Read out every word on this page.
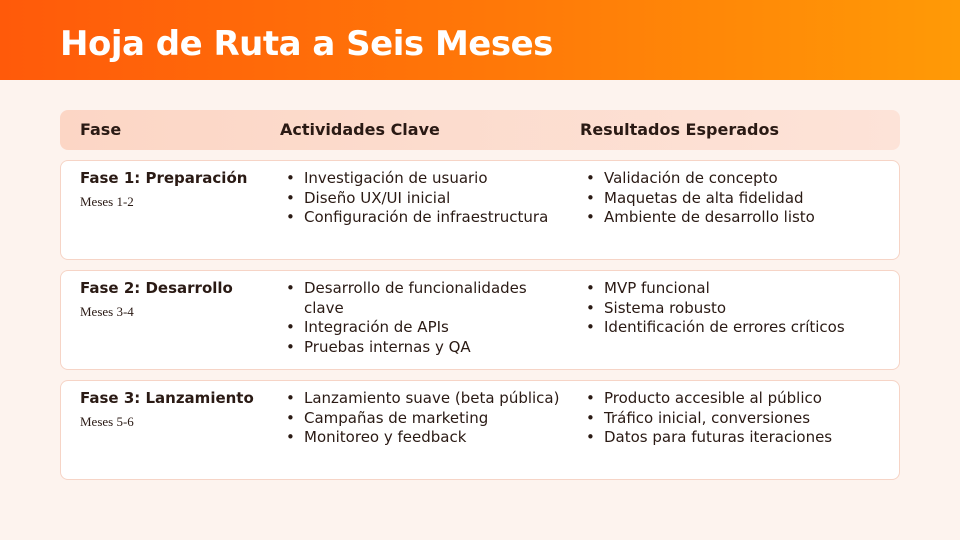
Hoja de Ruta a Seis Meses
Fase	Actividades Clave	Resultados Esperados
Fase 1: Preparación
Meses 1-2
• Investigación de usuario
• Diseño UX/UI inicial
• Configuración de infraestructura
• Validación de concepto
• Maquetas de alta fidelidad
• Ambiente de desarrollo listo
Fase 2: Desarrollo
Meses 3-4
• Desarrollo de funcionalidades clave
• Integración de APIs
• Pruebas internas y QA
• MVP funcional
• Sistema robusto
• Identificación de errores críticos
Fase 3: Lanzamiento
Meses 5-6
• Lanzamiento suave (beta pública)
• Campañas de marketing
• Monitoreo y feedback
• Producto accesible al público
• Tráfico inicial, conversiones
• Datos para futuras iteraciones
